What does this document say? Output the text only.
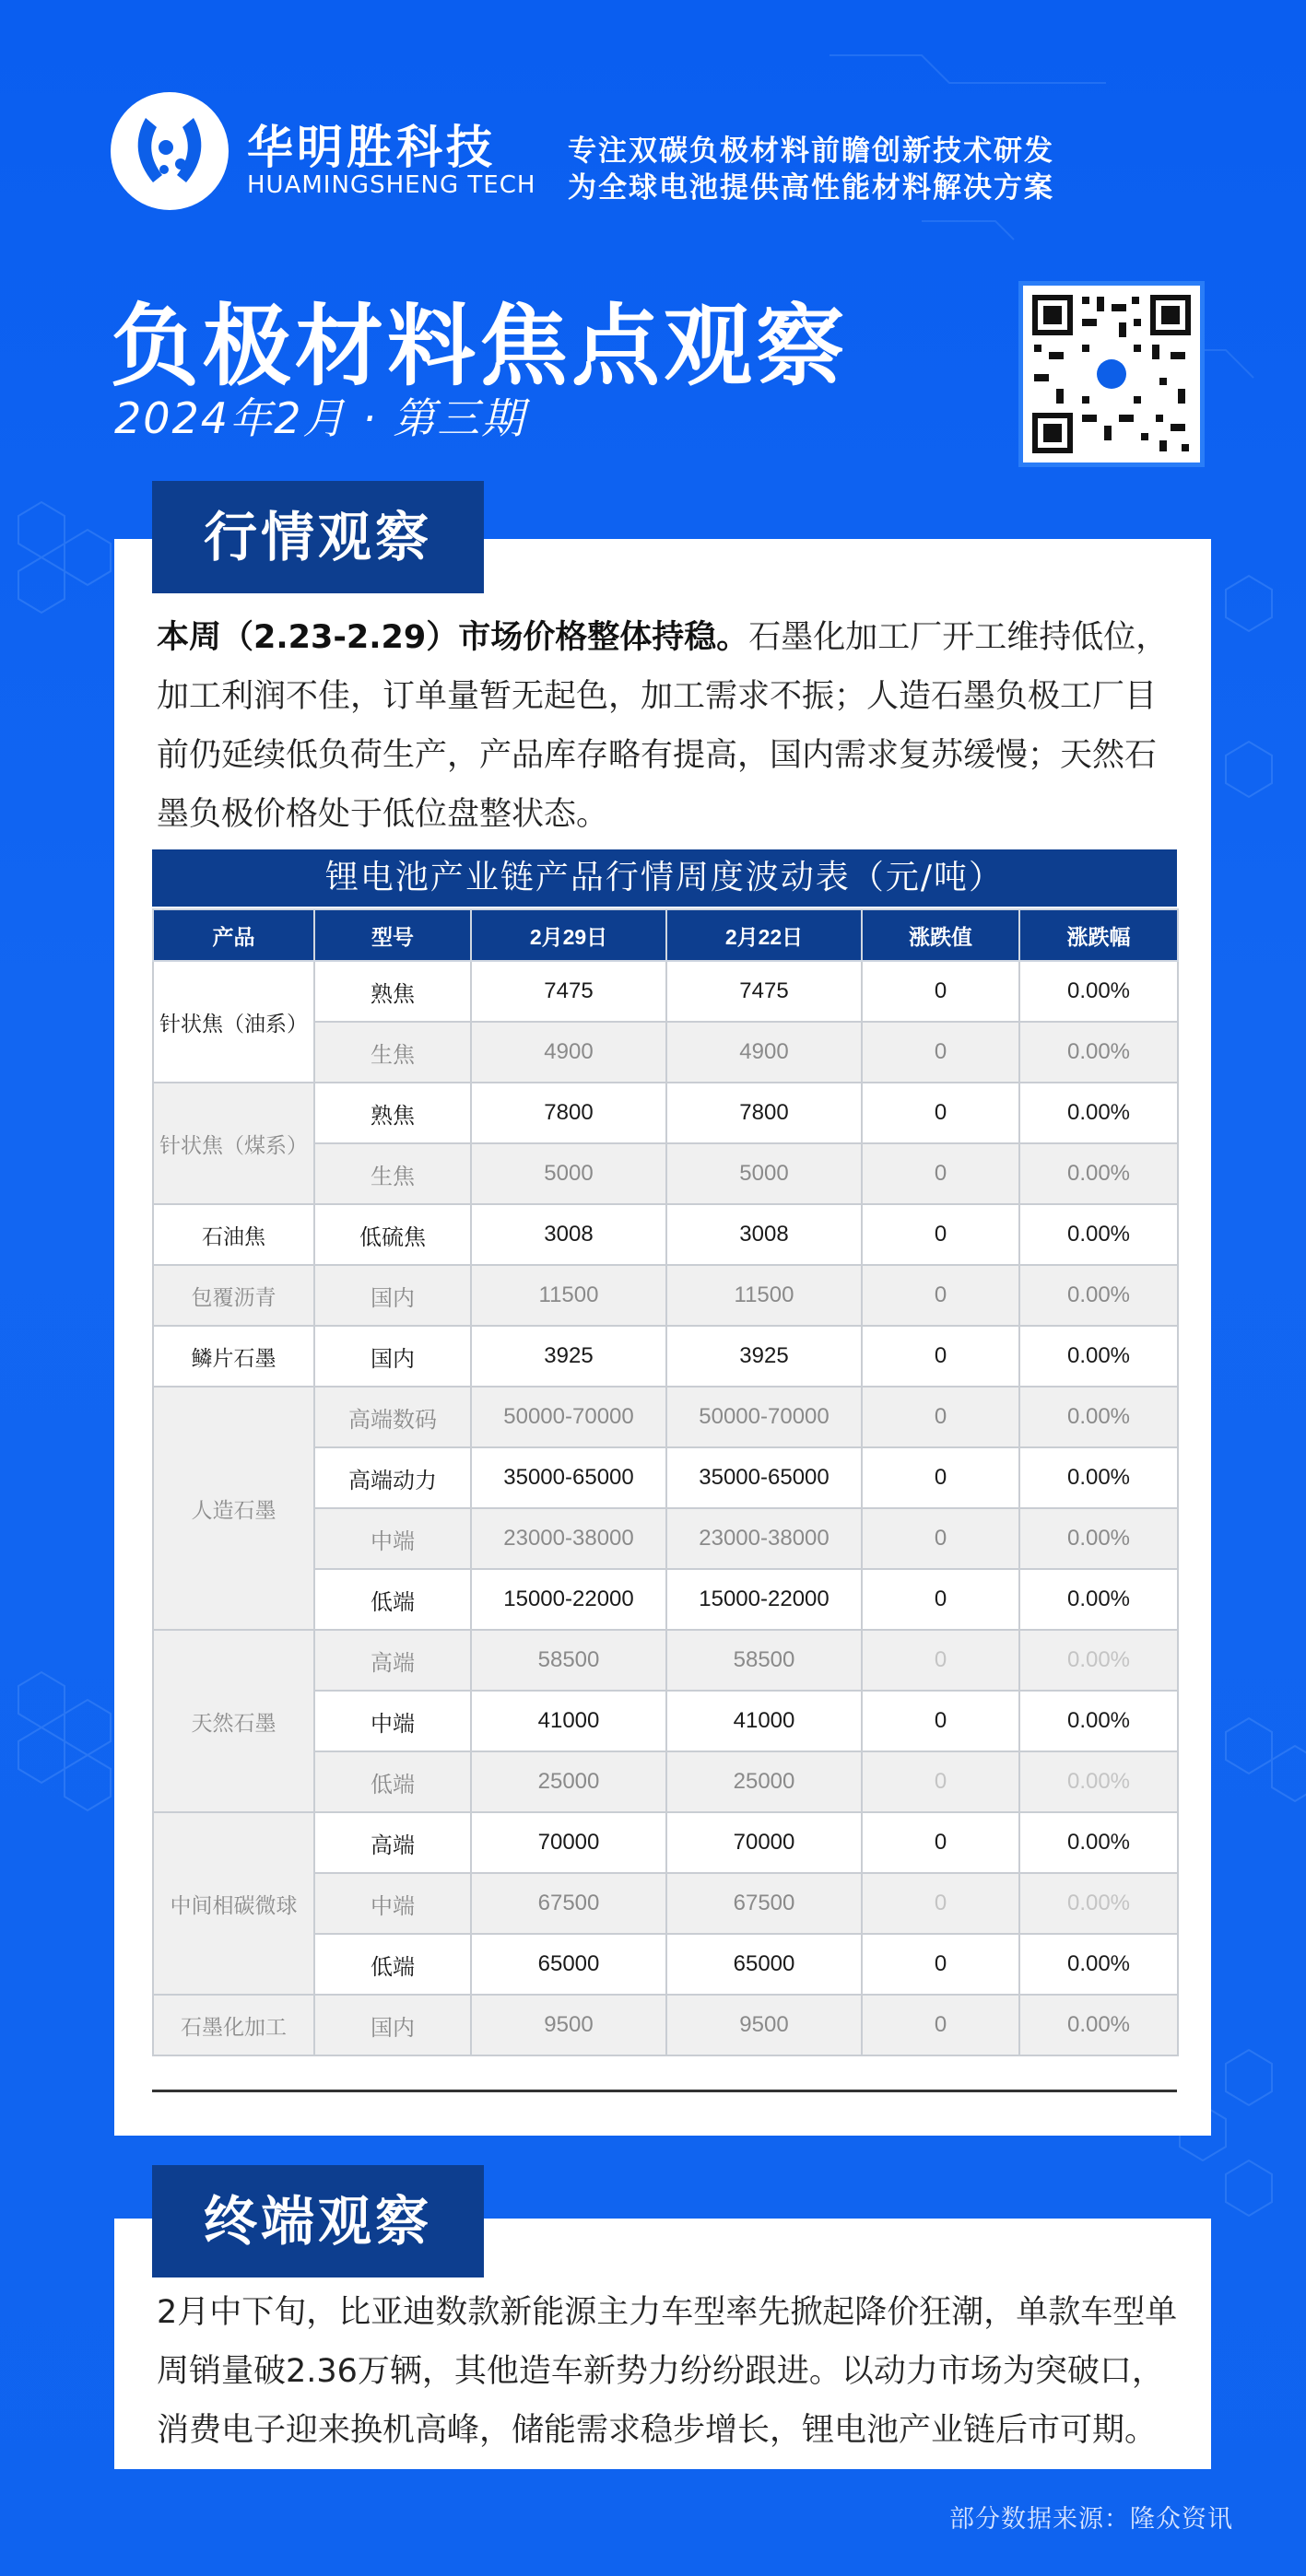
华明胜科技
HUAMINGSHENG TECH
专注双碳负极材料前瞻创新技术研发
为全球电池提供高性能材料解决方案
负极材料焦点观察
2024年2月 · 第三期
行情观察
本周（2.23-2.29）市场价格整体持稳。石墨化加工厂开工维持低位，加工利润不佳，订单量暂无起色，加工需求不振；人造石墨负极工厂目前仍延续低负荷生产，产品库存略有提高，国内需求复苏缓慢；天然石墨负极价格处于低位盘整状态。
锂电池产业链产品行情周度波动表（元/吨）
产品	型号	2月29日	2月22日	涨跌值	涨跌幅
针状焦（油系）	熟焦	7475	7475	0	0.00%
	生焦	4900	4900	0	0.00%
针状焦（煤系）	熟焦	7800	7800	0	0.00%
	生焦	5000	5000	0	0.00%
石油焦	低硫焦	3008	3008	0	0.00%
包覆沥青	国内	11500	11500	0	0.00%
鳞片石墨	国内	3925	3925	0	0.00%
人造石墨	高端数码	50000-70000	50000-70000	0	0.00%
	高端动力	35000-65000	35000-65000	0	0.00%
	中端	23000-38000	23000-38000	0	0.00%
	低端	15000-22000	15000-22000	0	0.00%
天然石墨	高端	58500	58500	0	0.00%
	中端	41000	41000	0	0.00%
	低端	25000	25000	0	0.00%
中间相碳微球	高端	70000	70000	0	0.00%
	中端	67500	67500	0	0.00%
	低端	65000	65000	0	0.00%
石墨化加工	国内	9500	9500	0	0.00%
终端观察
2月中下旬，比亚迪数款新能源主力车型率先掀起降价狂潮，单款车型单周销量破2.36万辆，其他造车新势力纷纷跟进。以动力市场为突破口，消费电子迎来换机高峰，储能需求稳步增长，锂电池产业链后市可期。
部分数据来源：隆众资讯
